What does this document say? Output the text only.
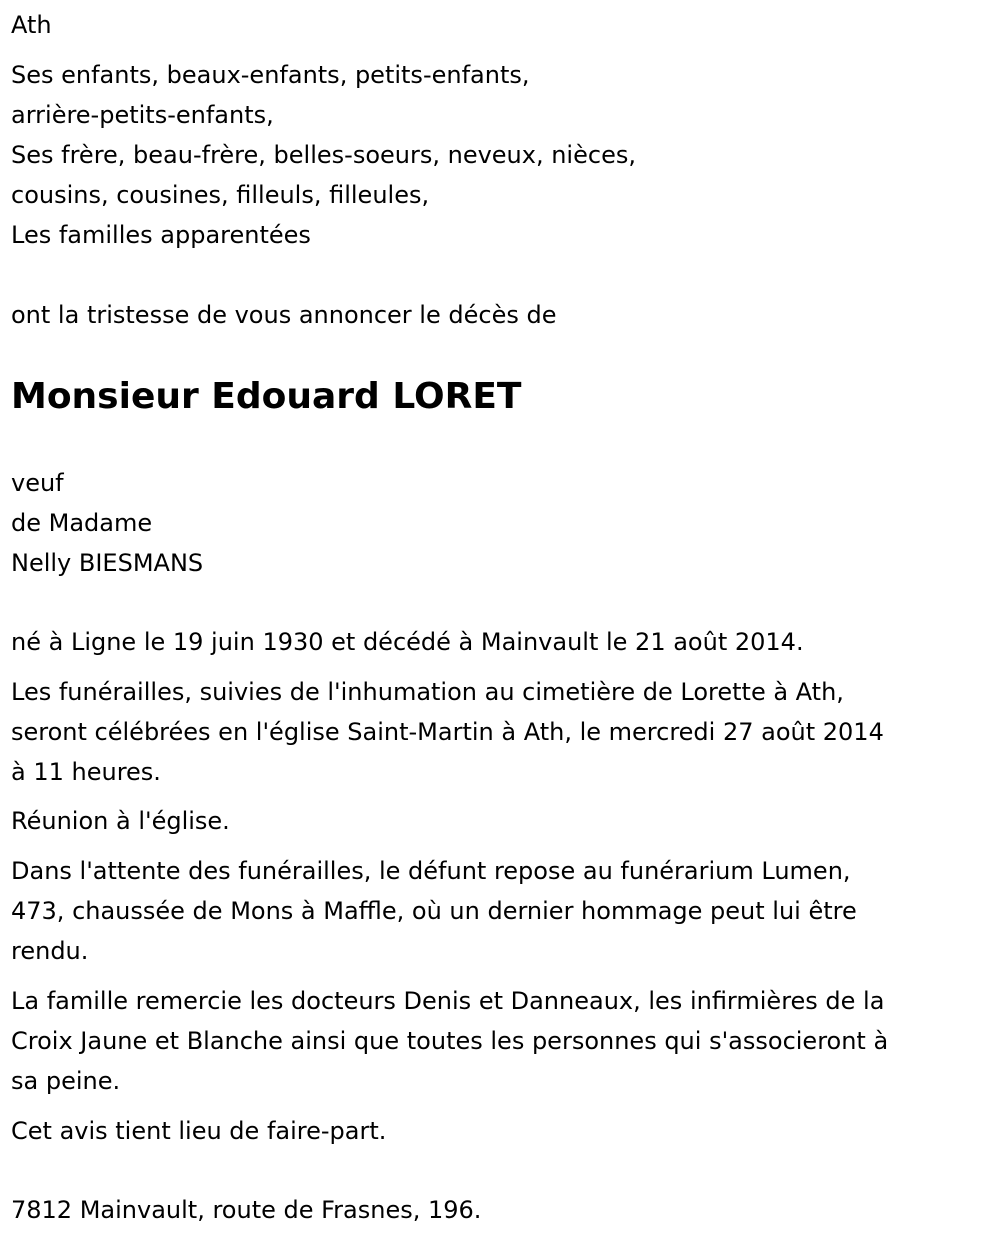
Ath
Ses enfants, beaux-enfants, petits-enfants,
arrière-petits-enfants,
Ses frère, beau-frère, belles-soeurs, neveux, nièces,
cousins, cousines, filleuls, filleules,
Les familles apparentées
ont la tristesse de vous annoncer le décès de
Monsieur Edouard LORET
veuf
de Madame
Nelly BIESMANS
né à Ligne le 19 juin 1930 et décédé à Mainvault le 21 août 2014.
Les funérailles, suivies de l'inhumation au cimetière de Lorette à Ath,
seront célébrées en l'église Saint-Martin à Ath, le mercredi 27 août 2014
à 11 heures.
Réunion à l'église.
Dans l'attente des funérailles, le défunt repose au funérarium Lumen,
473, chaussée de Mons à Maffle, où un dernier hommage peut lui être
rendu.
La famille remercie les docteurs Denis et Danneaux, les infirmières de la
Croix Jaune et Blanche ainsi que toutes les personnes qui s'associeront à
sa peine.
Cet avis tient lieu de faire-part.
7812 Mainvault, route de Frasnes, 196.
